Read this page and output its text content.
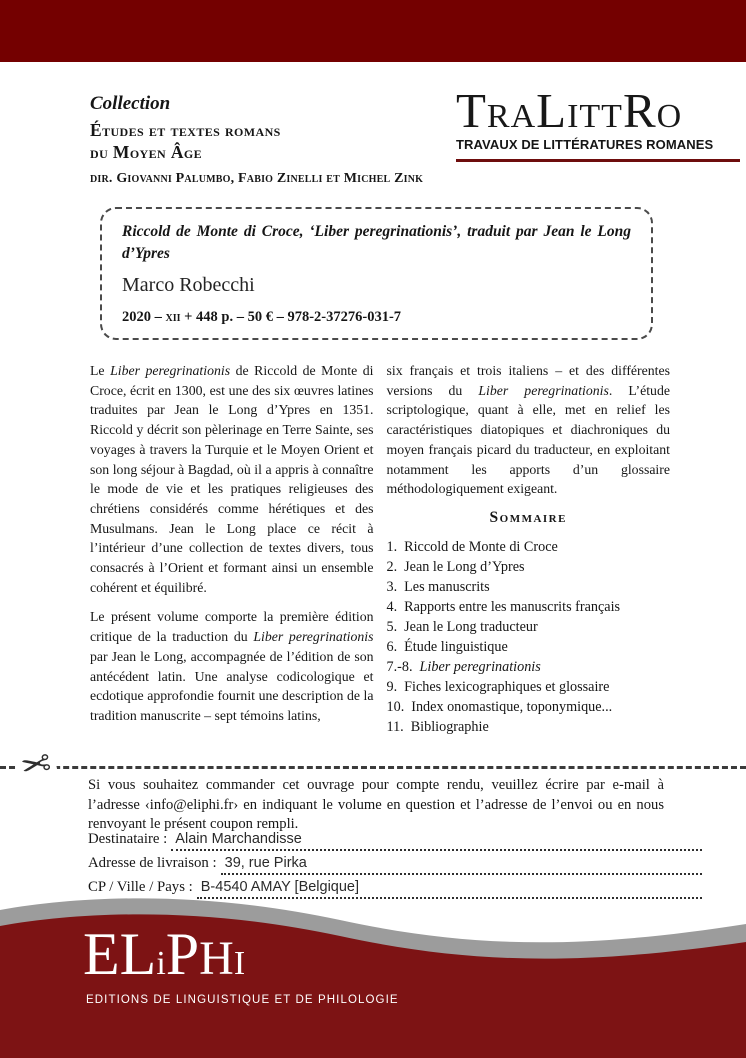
Collection
Études et textes romans
du Moyen Âge
dir. Giovanni Palumbo, Fabio Zinelli et Michel Zink
TraLittRo
TRAVAUX DE LITTÉRATURES ROMANES

Riccold de Monte di Croce, ‘Liber peregrinationis’, traduit par Jean le Long d’Ypres

Marco Robecchi
2020 – xii + 448 p. – 50 € – 978-2-37276-031-7

Le Liber peregrinationis de Riccold de Monte di Croce, écrit en 1300, est une des six œuvres latines traduites par Jean le Long d’Ypres en 1351. Riccold y décrit son pèlerinage en Terre Sainte, ses voyages à travers la Turquie et le Moyen Orient et son long séjour à Bagdad, où il a appris à connaître le mode de vie et les pratiques religieuses des chrétiens considérés comme hérétiques et des Musulmans. Jean le Long place ce récit à l’intérieur d’une collection de textes divers, tous consacrés à l’Orient et formant ainsi un ensemble cohérent et équilibré.

Le présent volume comporte la première édition critique de la traduction du Liber peregrinationis par Jean le Long, accompagnée de l’édition de son antécédent latin. Une analyse codicologique et ecdotique approfondie fournit une description de la tradition manuscrite – sept témoins latins,

six français et trois italiens – et des différentes versions du Liber peregrinationis. L’étude scriptologique, quant à elle, met en relief les caractéristiques diatopiques et diachroniques du moyen français picard du traducteur, en exploitant notamment les apports d’un glossaire méthodologiquement exigeant.

Sommaire
1. Riccold de Monte di Croce
2. Jean le Long d’Ypres
3. Les manuscrits
4. Rapports entre les manuscrits français
5. Jean le Long traducteur
6. Étude linguistique
7.-8. Liber peregrinationis
9. Fiches lexicographiques et glossaire
10. Index onomastique, toponymique...
11. Bibliographie
✂	Si vous souhaitez commander cet ouvrage pour compte rendu, veuillez écrire par e-mail à l’adresse ‹info@eliphi.fr› en indiquant le volume en question et l’adresse de l’envoi ou en nous renvoyant le présent coupon rempli.

Destinataire : Alain Marchandisse
Adresse de livraison : 39, rue Pirka
CP / Ville / Pays : B-4540 AMAY [Belgique]
E L i P H I
EDITIONS DE LINGUISTIQUE ET DE PHILOLOGIE
